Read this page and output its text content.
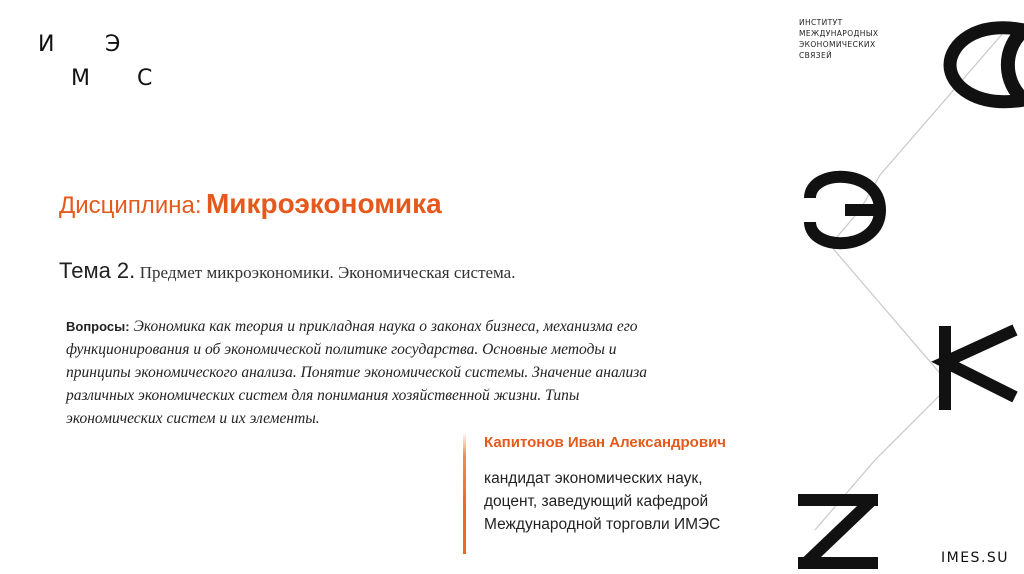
И Э
М С
ИНСТИТУТ
МЕЖДУНАРОДНЫХ
ЭКОНОМИЧЕСКИХ
СВЯЗЕЙ
Дисциплина: Микроэкономика
Тема 2. Предмет микроэкономики. Экономическая система.
Вопросы: Экономика как теория и прикладная наука о законах бизнеса, механизма его функционирования и об экономической политике государства. Основные методы и принципы экономического анализа. Понятие экономической системы. Значение анализа различных экономических систем для понимания хозяйственной жизни. Типы экономических систем и их элементы.
Капитонов Иван Александрович
кандидат экономических наук,
доцент, заведующий кафедрой
Международной торговли ИМЭС
IMES.SU
